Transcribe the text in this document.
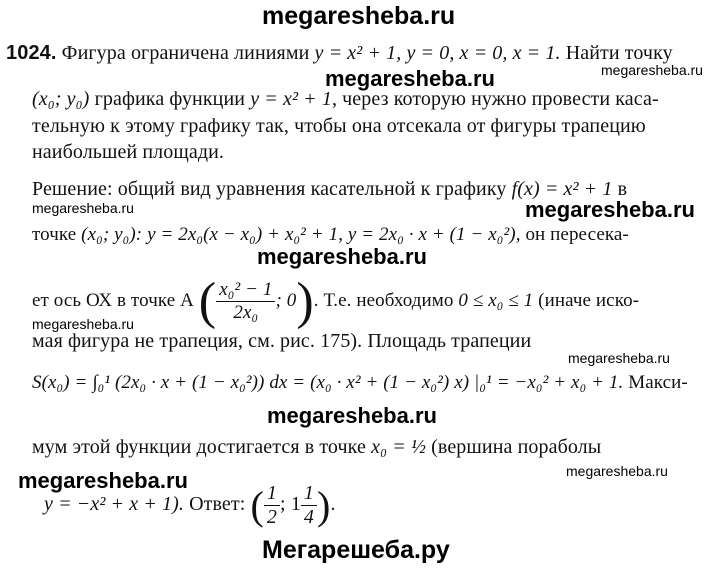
megaresheba.ru
megaresheba.ru
megaresheba.ru
megaresheba.ru	megaresheba.ru
megaresheba.ru
megaresheba.ru
megaresheba.ru
megaresheba.ru
megaresheba.ru
megaresheba.ru
Мегарешеба.ру
1024. Фигура ограничена линиями y = x² + 1, y = 0, x = 0, x = 1. Найти точку
(x₀; y₀) графика функции y = x² + 1, через которую нужно провести каса-
тельную к этому графику так, чтобы она отсекала от фигуры трапецию
наибольшей площади.
Решение: общий вид уравнения касательной к графику f(x) = x² + 1 в
точке (x₀; y₀): y = 2x₀(x − x₀) + x₀² + 1, y = 2x₀ · x + (1 − x₀²), он пересека-
ет ось ОХ в точке А ( $\frac{\text{x₀² − 1}}{\text{2x₀}}$ ; 0). Т.е. необходимо 0 ≤ x₀ ≤ 1 (иначе иско-
мая фигура не трапеция, см. рис. 175). Площадь трапеции
S(x₀) = ∫₀¹ (2x₀ · x + (1 − x₀²)) dx = (x₀ · x² + (1 − x₀²) x) |₀¹ = −x₀² + x₀ + 1. Макси-
мум этой функции достигается в точке x₀ = ½ (вершина пораболы
y = −x² + x + 1). Ответ: ( $\frac{1}{2}$ ; $1 \frac{1}{4}$ ).
